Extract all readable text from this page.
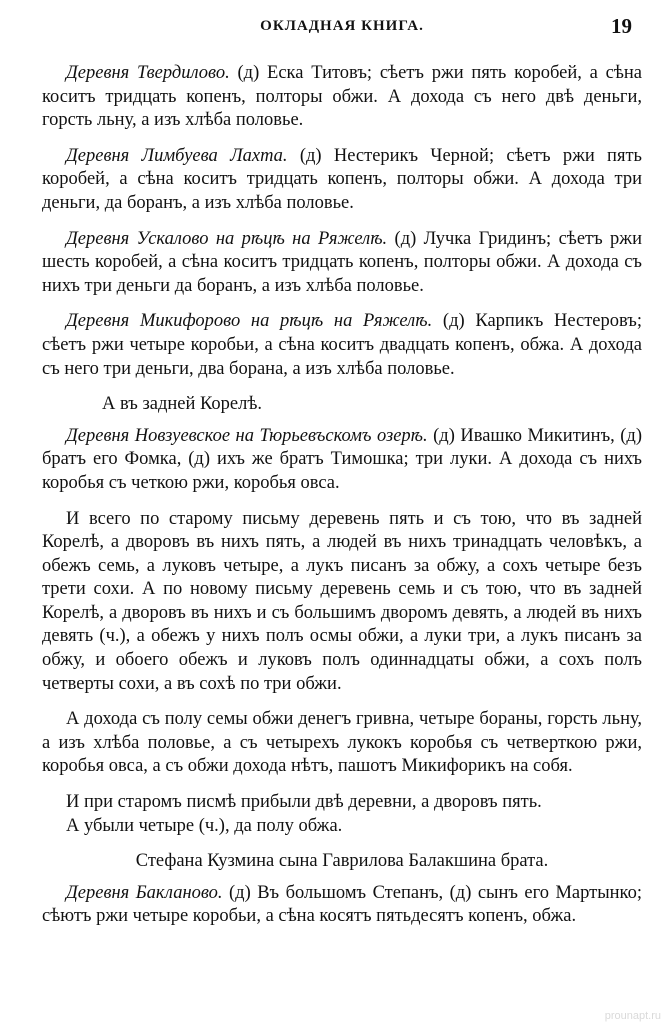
ОКЛАДНАЯ КНИГА.	19

Деревня Твердилово. (д) Еска Титовъ; сѣетъ ржи пять коробей, а сѣна коситъ тридцать копенъ, полторы обжи. А дохода съ него двѣ деньги, горсть льну, а изъ хлѣба половье.

Деревня Лимбуева Лахта. (д) Нестерикъ Черной; сѣетъ ржи пять коробей, а сѣна коситъ тридцать копенъ, полторы обжи. А дохода три деньги, да боранъ, а изъ хлѣба половье.

Деревня Ускалово на рѣцѣ на Ряжелѣ. (д) Лучка Гридинъ; сѣетъ ржи шесть коробей, а сѣна коситъ тридцать копенъ, полторы обжи. А дохода съ нихъ три деньги да боранъ, а изъ хлѣба половье.

Деревня Микифорово на рѣцѣ на Ряжелѣ. (д) Карпикъ Нестеровъ; сѣетъ ржи четыре коробьи, а сѣна коситъ двадцать копенъ, обжа. А дохода съ него три деньги, два борана, а изъ хлѣба половье.

А въ задней Корелѣ.

Деревня Новзуевское на Тюрьевъскомъ озерѣ. (д) Ивашко Микитинъ, (д) братъ его Фомка, (д) ихъ же братъ Тимошка; три луки. А дохода съ нихъ коробья съ четкою ржи, коробья овса.

И всего по старому письму деревень пять и съ тою, что въ задней Корелѣ, а дворовъ въ нихъ пять, а людей въ нихъ тринадцать человѣкъ, а обежъ семь, а луковъ четыре, а лукъ писанъ за обжу, а сохъ четыре безъ трети сохи. А по новому письму деревень семь и съ тою, что въ задней Корелѣ, а дворовъ въ нихъ и съ большимъ дворомъ девять, а людей въ нихъ девять (ч.), а обежъ у нихъ полъ осмы обжи, а луки три, а лукъ писанъ за обжу, и обоего обежъ и луковъ полъ одиннадцаты обжи, а сохъ полъ четверты сохи, а въ сохѣ по три обжи.

А дохода съ полу семы обжи денегъ гривна, четыре бораны, горсть льну, а изъ хлѣба половье, а съ четырехъ лукокъ коробья съ четверткою ржи, коробья овса, а съ обжи дохода нѣтъ, пашотъ Микифорикъ на собя.

И при старомъ писмѣ прибыли двѣ деревни, а дворовъ пять.

А убыли четыре (ч.), да полу обжа.

Стефана Кузмина сына Гаврилова Балакшина брата.

Деревня Бакланово. (д) Въ большомъ Степанъ, (д) сынъ его Мартынко; сѣютъ ржи четыре коробьи, а сѣна косятъ пятьдесятъ копенъ, обжа.

prounapt.ru
